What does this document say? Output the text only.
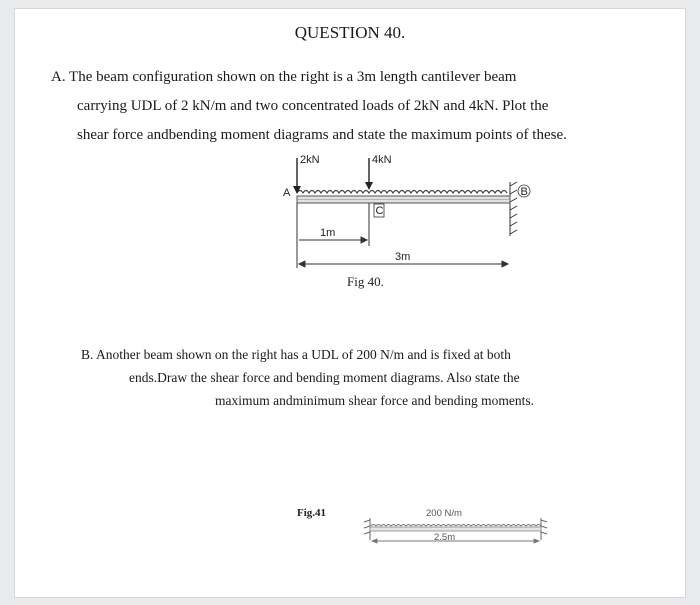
QUESTION 40.
A. The beam configuration shown on the right is a 3m length cantilever beam
carrying UDL of 2 kN/m and two concentrated loads of 2kN and 4kN. Plot the
shear force andbending moment diagrams and state the maximum points of these.
B. Another beam shown on the right has a UDL of 200 N/m and is fixed at both
ends.Draw the shear force and bending moment diagrams. Also state the
maximum andminimum shear force and bending moments.
2kN	4kN
A	B
C
1m
3m
Fig 40.
Fig.41	200 N/m
2.5m
